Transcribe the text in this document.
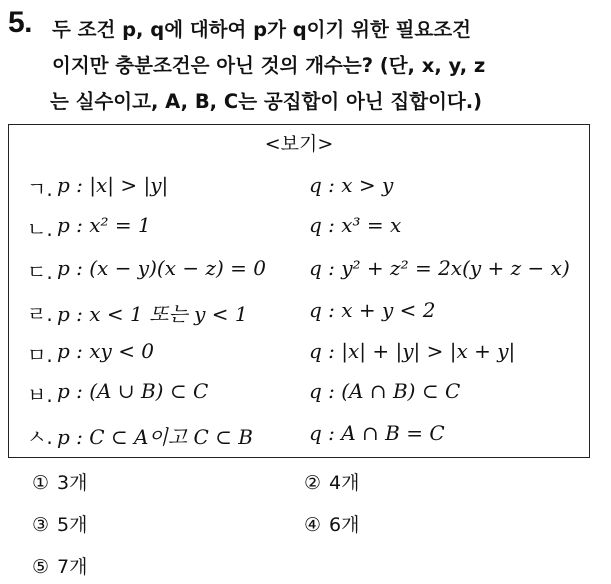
5. 두 조건 p, q에 대하여 p가 q이기 위한 필요조건
이지만 충분조건은 아닌 것의 개수는? (단, x, y, z
는 실수이고, A, B, C는 공집합이 아닌 집합이다.)
<보기>
ㄱ. p : |x| > |y|	q : x > y
ㄴ. p : x² = 1	q : x³ = x
ㄷ. p : (x − y)(x − z) = 0 q : y² + z² = 2x(y + z − x)
ㄹ. p : x < 1 또는 y < 1	q : x + y < 2
ㅁ. p : xy < 0	q : |x| + |y| > |x + y|
ㅂ. p : (A ∪ B) ⊂ C	q : (A ∩ B) ⊂ C
ㅅ. p : C ⊂ A이고 C ⊂ B	q : A ∩ B = C
① 3개	② 4개
③ 5개	④ 6개
⑤ 7개
